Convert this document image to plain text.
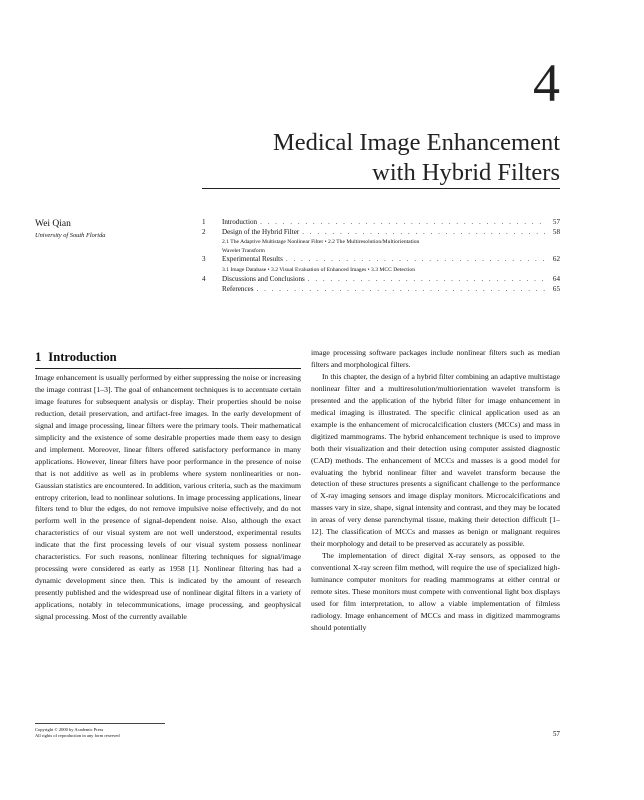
4
Medical Image Enhancement
with Hybrid Filters
Wei Qian
University of South Florida
1	Introduction . . .	57
2	Design of the Hybrid Filter . . .	58
2.1 The Adaptive Multistage Nonlinear Filter • 2.2 The Multiresolution/Multiorientation
Wavelet Transform
3	Experimental Results . . .	62
3.1 Image Database • 3.2 Visual Evaluation of Enhanced Images • 3.3 MCC Detection
4	Discussions and Conclusions . . .	64
References . . .	65
1 Introduction

Image enhancement is usually performed by either suppressing the noise or increasing the image contrast [1–3]. The goal of enhancement techniques is to accentuate certain image features for subsequent analysis or display. Their properties should be noise reduction, detail preservation, and artifact-free images. In the early development of signal and image processing, linear filters were the primary tools. Their mathematical simplicity and the existence of some desirable properties made them easy to design and implement. Moreover, linear filters offered satisfactory performance in many applications. However, linear filters have poor performance in the presence of noise that is not additive as well as in problems where system nonlinearities or non-Gaussian statistics are encountered. In addition, various criteria, such as the maximum entropy criterion, lead to nonlinear solutions. In image processing applications, linear filters tend to blur the edges, do not remove impulsive noise effectively, and do not perform well in the presence of signal-dependent noise. Also, although the exact characteristics of our visual system are not well understood, experimental results indicate that the first processing levels of our visual system possess nonlinear characteristics. For such reasons, nonlinear filtering techniques for signal/image processing were considered as early as 1958 [1]. Nonlinear filtering has had a dynamic development since then. This is indicated by the amount of research presently published and the widespread use of nonlinear digital filters in a variety of applications, notably in telecommunications, image processing, and geophysical signal processing. Most of the currently available

image processing software packages include nonlinear filters such as median filters and morphological filters.

In this chapter, the design of a hybrid filter combining an adaptive multistage nonlinear filter and a multiresolution/multiorientation wavelet transform is presented and the application of the hybrid filter for image enhancement in medical imaging is illustrated. The specific clinical application used as an example is the enhancement of microcalcification clusters (MCCs) and mass in digitized mammograms. The hybrid enhancement technique is used to improve both their visualization and their detection using computer assisted diagnostic (CAD) methods. The enhancement of MCCs and masses is a good model for evaluating the hybrid nonlinear filter and wavelet transform because the detection of these structures presents a significant challenge to the performance of X-ray imaging sensors and image display monitors. Microcalcifications and masses vary in size, shape, signal intensity and contrast, and they may be located in areas of very dense parenchymal tissue, making their detection difficult [1–12]. The classification of MCCs and masses as benign or malignant requires their morphology and detail to be preserved as accurately as possible.

The implementation of direct digital X-ray sensors, as opposed to the conventional X-ray screen film method, will require the use of specialized high-luminance computer monitors for reading mammograms at either central or remote sites. These monitors must compete with conventional light box displays used for film interpretation, to allow a viable implementation of filmless radiology. Image enhancement of MCCs and mass in digitized mammograms should potentially

Copyright © 2000 by Academic Press
All rights of reproduction in any form reserved	57
